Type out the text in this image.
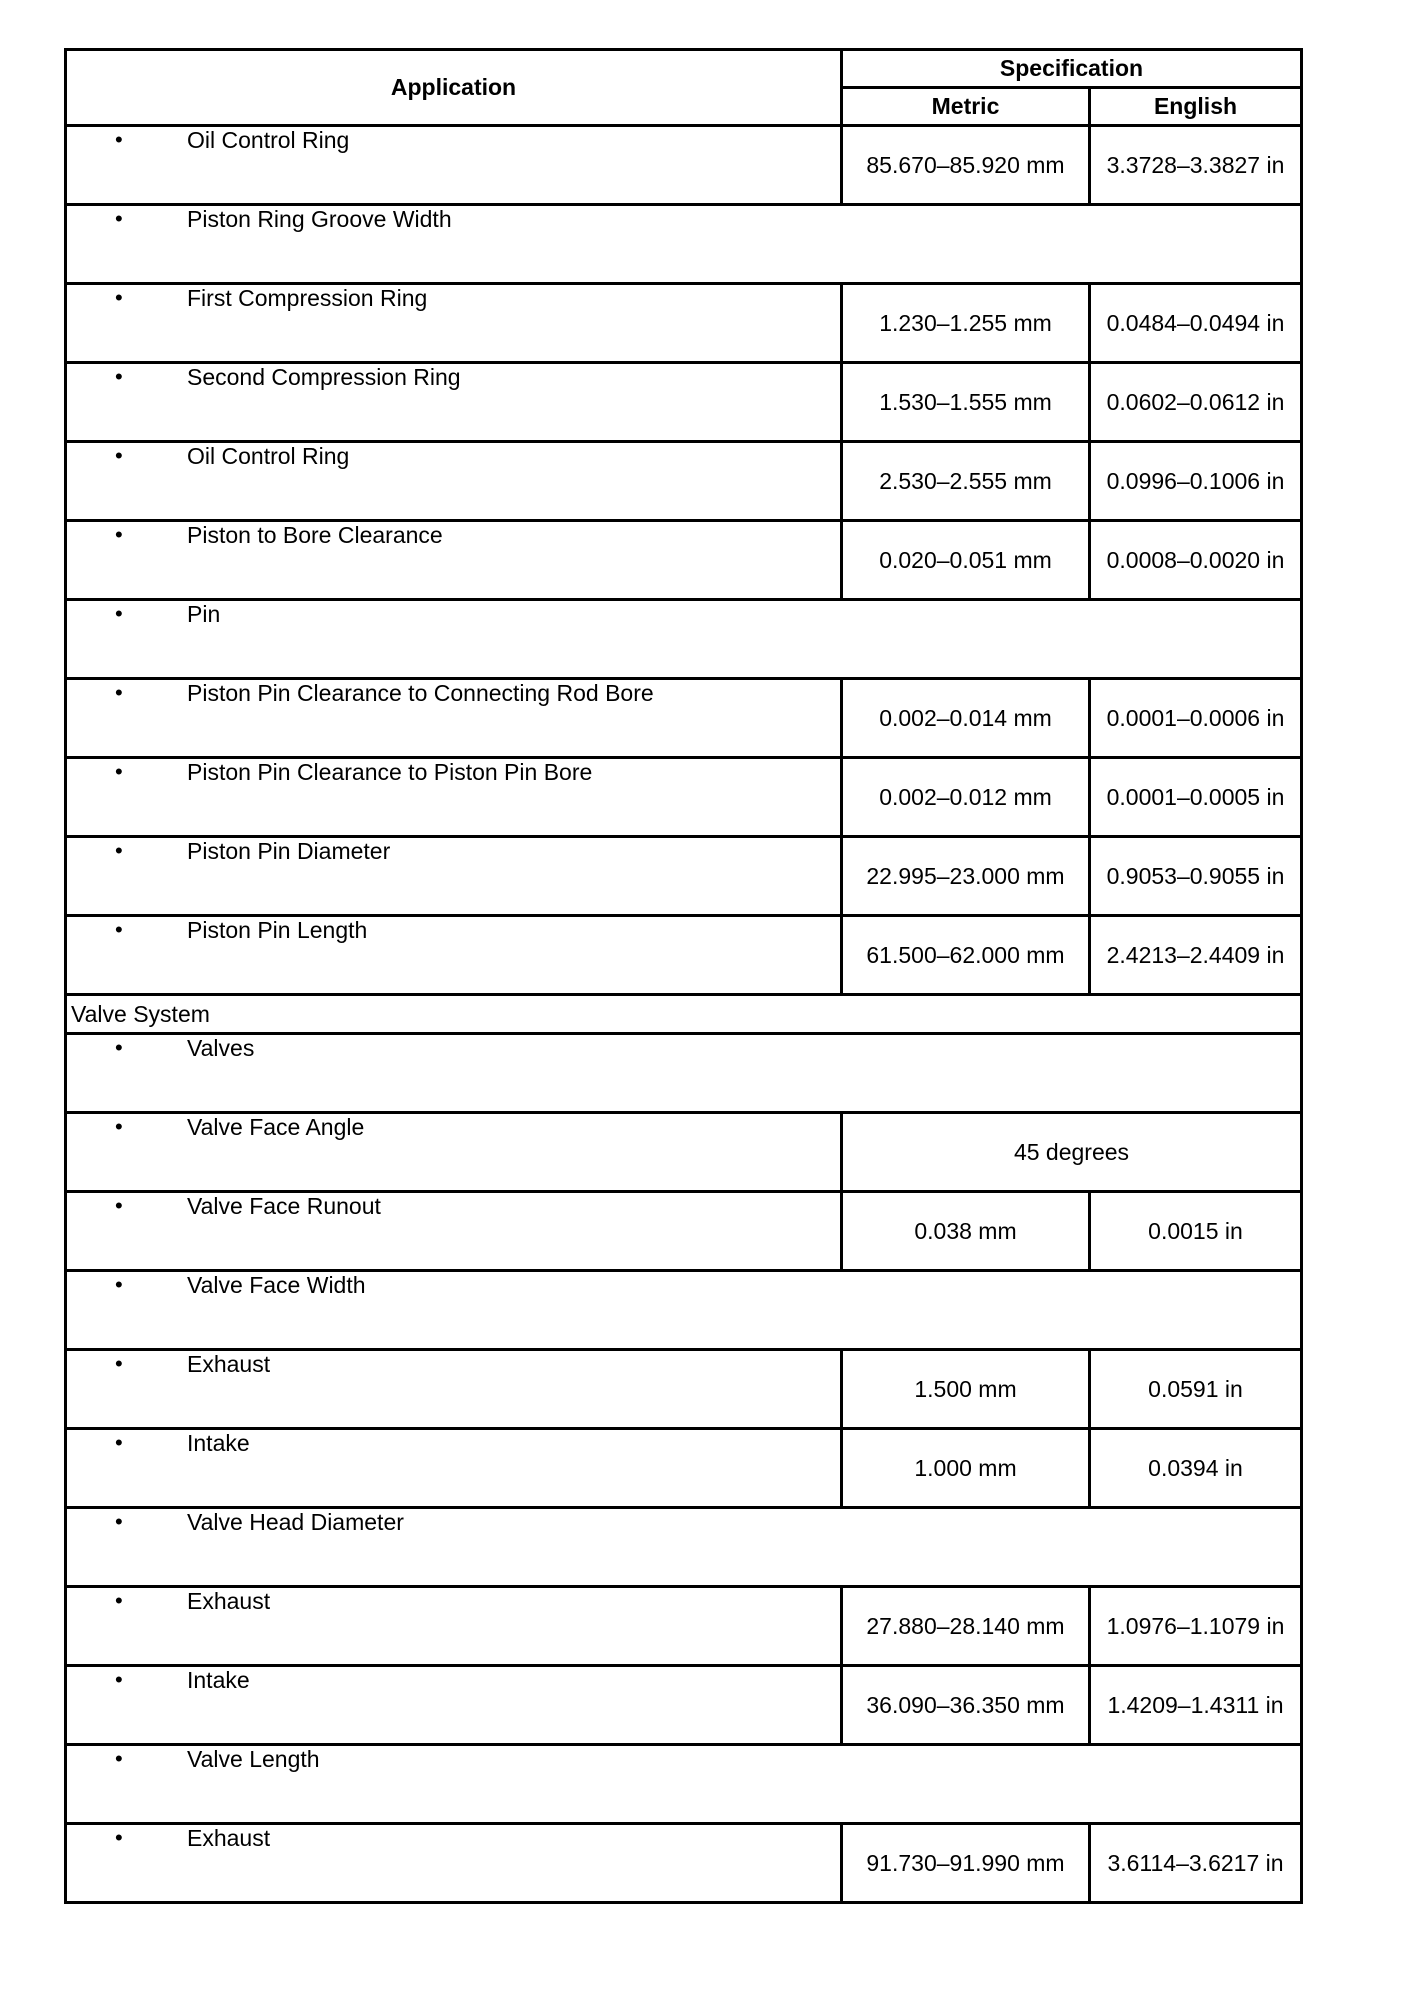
Application	Specification	
	Metric	English

• Oil Control Ring	85.670–85.920 mm	3.3728–3.3827 in

• Piston Ring Groove Width		

• First Compression Ring	1.230–1.255 mm	0.0484–0.0494 in

• Second Compression Ring	1.530–1.555 mm	0.0602–0.0612 in

• Oil Control Ring	2.530–2.555 mm	0.0996–0.1006 in

• Piston to Bore Clearance	0.020–0.051 mm	0.0008–0.0020 in

• Pin		

• Piston Pin Clearance to Connecting Rod Bore	0.002–0.014 mm	0.0001–0.0006 in

• Piston Pin Clearance to Piston Pin Bore	0.002–0.012 mm	0.0001–0.0005 in

• Piston Pin Diameter	22.995–23.000 mm	0.9053–0.9055 in

• Piston Pin Length	61.500–62.000 mm	2.4213–2.4409 in
Valve System		

• Valves		

• Valve Face Angle	45 degrees	

• Valve Face Runout	0.038 mm	0.0015 in

• Valve Face Width		

• Exhaust	1.500 mm	0.0591 in

• Intake	1.000 mm	0.0394 in

• Valve Head Diameter		

• Exhaust	27.880–28.140 mm	1.0976–1.1079 in

• Intake	36.090–36.350 mm	1.4209–1.4311 in

• Valve Length		

• Exhaust	91.730–91.990 mm	3.6114–3.6217 in
